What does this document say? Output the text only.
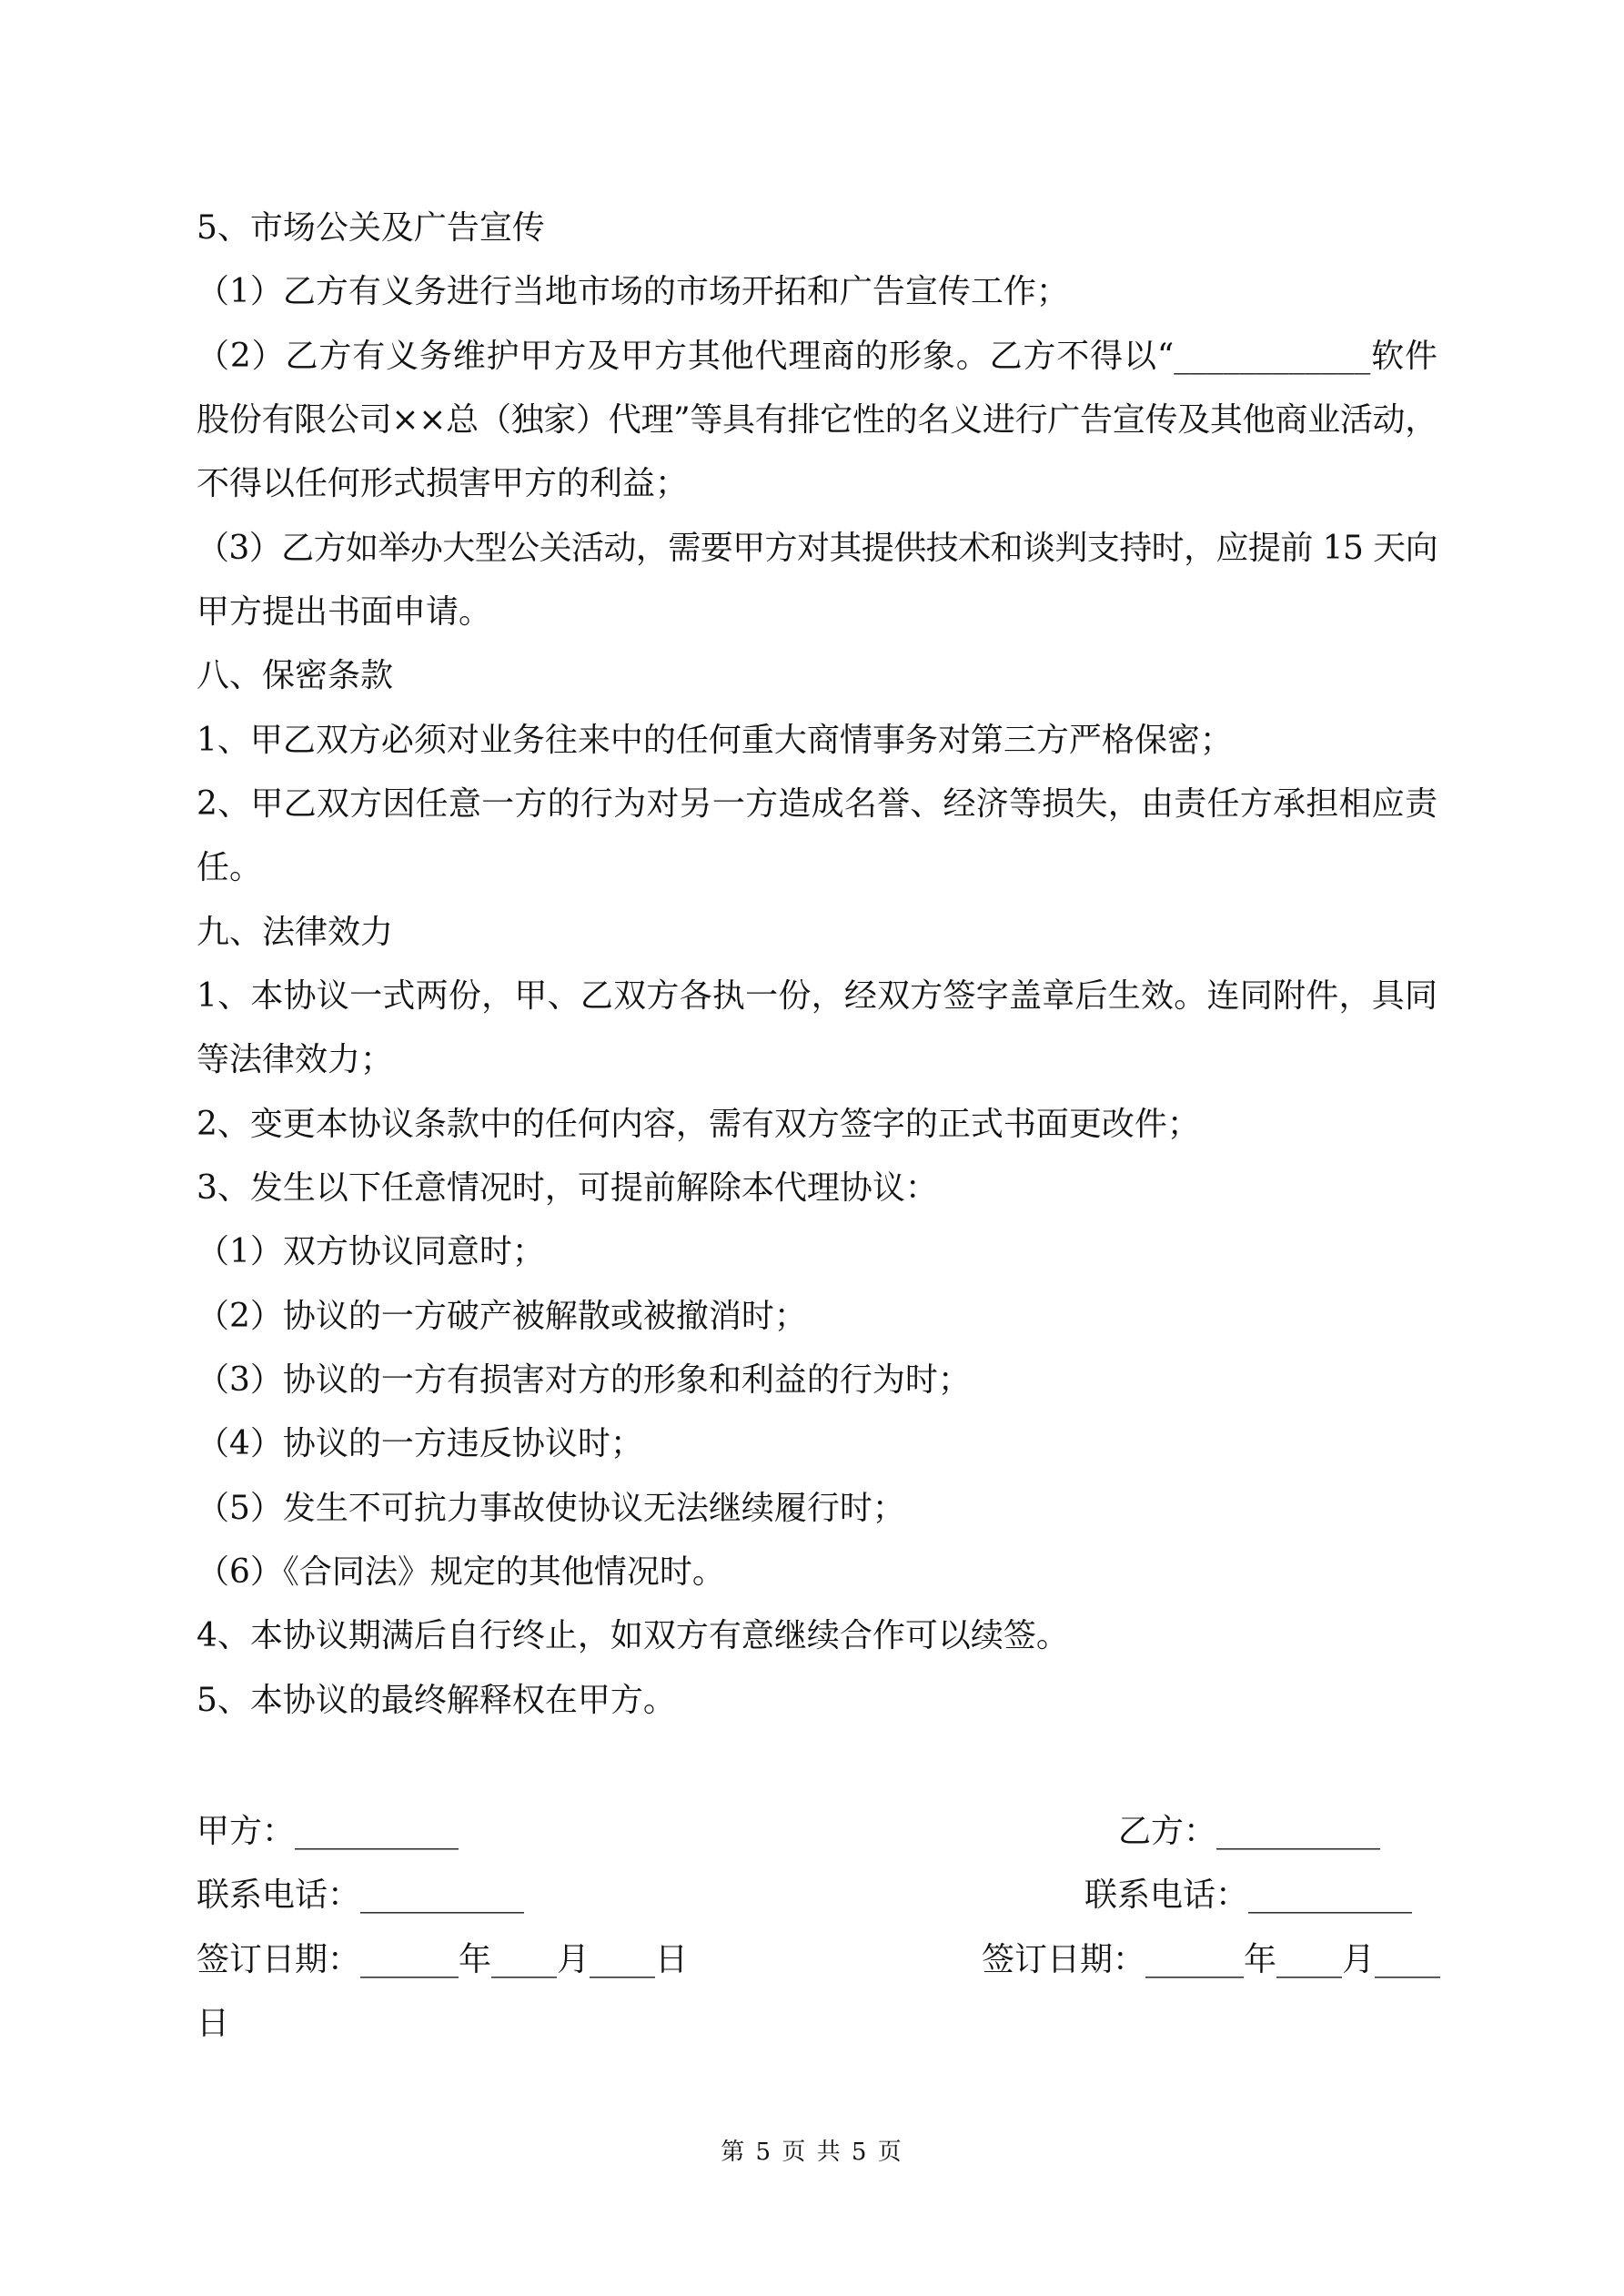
5、市场公关及广告宣传
（1）乙方有义务进行当地市场的市场开拓和广告宣传工作；
（2）乙方有义务维护甲方及甲方其他代理商的形象。乙方不得以“____________软件
股份有限公司××总（独家）代理”等具有排它性的名义进行广告宣传及其他商业活动，
不得以任何形式损害甲方的利益；
（3）乙方如举办大型公关活动，需要甲方对其提供技术和谈判支持时，应提前 15 天向
甲方提出书面申请。
八、保密条款
1、甲乙双方必须对业务往来中的任何重大商情事务对第三方严格保密；
2、甲乙双方因任意一方的行为对另一方造成名誉、经济等损失，由责任方承担相应责
任。
九、法律效力
1、本协议一式两份，甲、乙双方各执一份，经双方签字盖章后生效。连同附件，具同
等法律效力；
2、变更本协议条款中的任何内容，需有双方签字的正式书面更改件；
3、发生以下任意情况时，可提前解除本代理协议：
（1）双方协议同意时；
（2）协议的一方破产被解散或被撤消时；
（3）协议的一方有损害对方的形象和利益的行为时；
（4）协议的一方违反协议时；
（5）发生不可抗力事故使协议无法继续履行时；
（6）《合同法》规定的其他情况时。
4、本协议期满后自行终止，如双方有意继续合作可以续签。
5、本协议的最终解释权在甲方。
甲方：__________	乙方：__________
联系电话：__________	联系电话：__________
签订日期：______年____月____日	签订日期：______年____月____
日
第 5 页 共 5 页
